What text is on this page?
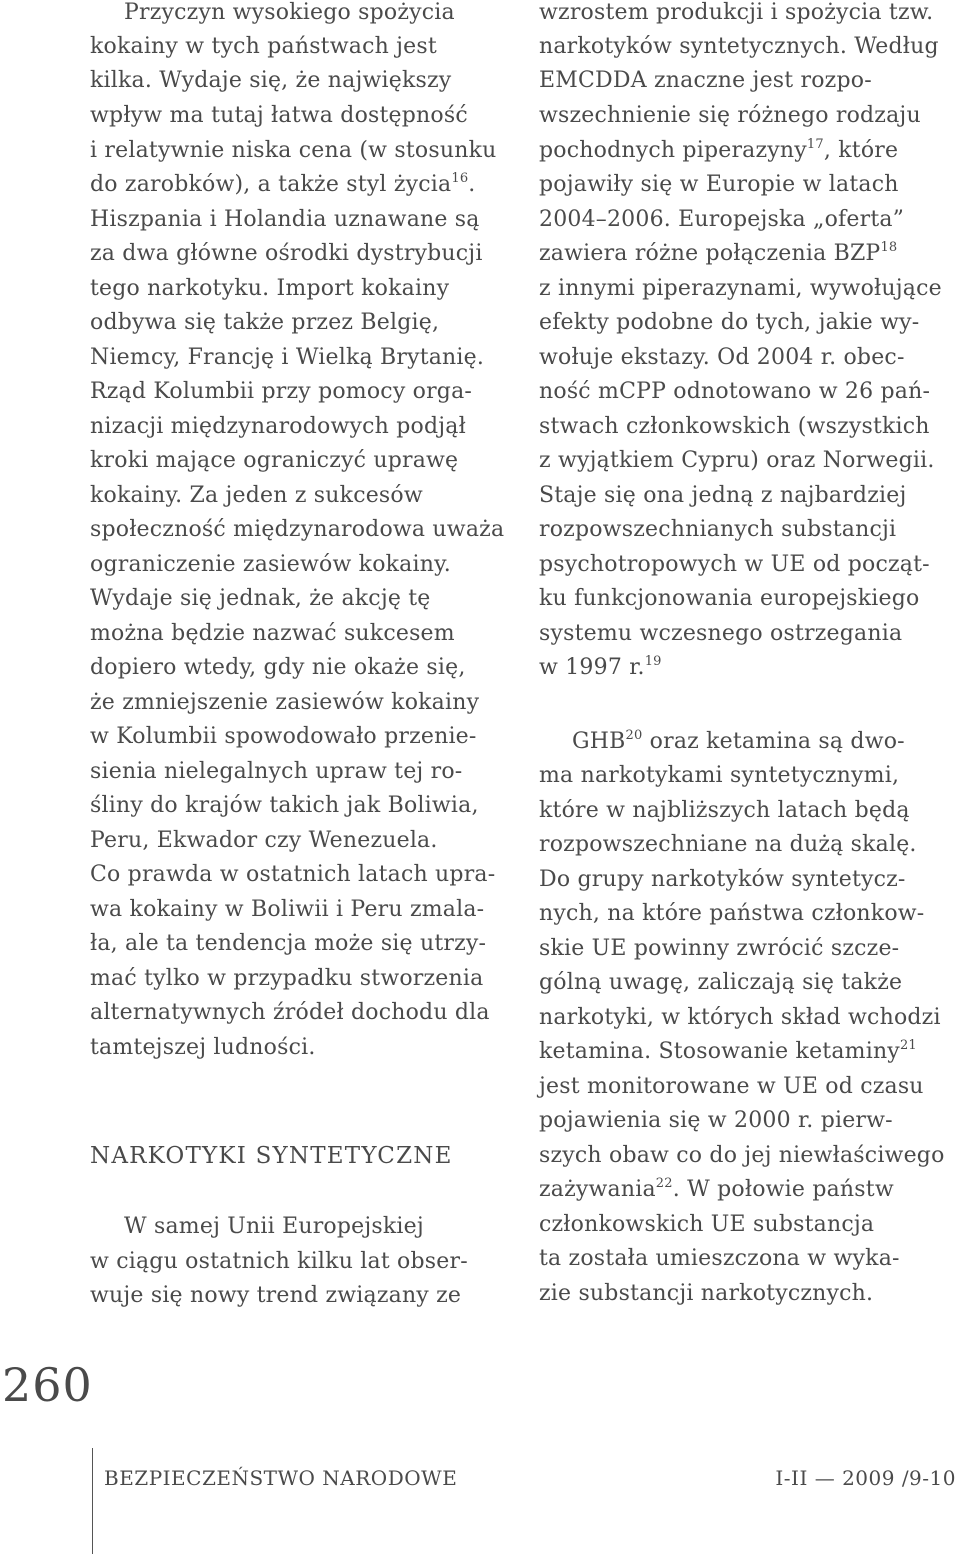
Przyczyn wysokiego spożycia
kokainy w tych państwach jest
kilka. Wydaje się, że największy
wpływ ma tutaj łatwa dostępność
i relatywnie niska cena (w stosunku
do zarobków), a także styl życia$^{16}$.
Hiszpania i Holandia uznawane są
za dwa główne ośrodki dystrybucji
tego narkotyku. Import kokainy
odbywa się także przez Belgię,
Niemcy, Francję i Wielką Brytanię.
Rząd Kolumbii przy pomocy orga-
nizacji międzynarodowych podjął
kroki mające ograniczyć uprawę
kokainy. Za jeden z sukcesów
społeczność międzynarodowa uważa
ograniczenie zasiewów kokainy.
Wydaje się jednak, że akcję tę
można będzie nazwać sukcesem
dopiero wtedy, gdy nie okaże się,
że zmniejszenie zasiewów kokainy
w Kolumbii spowodowało przenie-
sienia nielegalnych upraw tej ro-
śliny do krajów takich jak Boliwia,
Peru, Ekwador czy Wenezuela.
Co prawda w ostatnich latach upra-
wa kokainy w Boliwii i Peru zmala-
ła, ale ta tendencja może się utrzy-
mać tylko w przypadku stworzenia
alternatywnych źródeł dochodu dla
tamtejszej ludności.
NARKOTYKI SYNTETYCZNE
W samej Unii Europejskiej
w ciągu ostatnich kilku lat obser-
wuje się nowy trend związany ze
wzrostem produkcji i spożycia tzw.
narkotyków syntetycznych. Według
EMCDDA znaczne jest rozpo-
wszechnienie się różnego rodzaju
pochodnych piperazyny$^{17}$, które
pojawiły się w Europie w latach
2004–2006. Europejska „oferta”
zawiera różne połączenia BZP$^{18}$
z innymi piperazynami, wywołujące
efekty podobne do tych, jakie wy-
wołuje ekstazy. Od 2004 r. obec-
ność mCPP odnotowano w 26 pań-
stwach członkowskich (wszystkich
z wyjątkiem Cypru) oraz Norwegii.
Staje się ona jedną z najbardziej
rozpowszechnianych substancji
psychotropowych w UE od począt-
ku funkcjonowania europejskiego
systemu wczesnego ostrzegania
w 1997 r.$^{19}$
GHB$^{20}$ oraz ketamina są dwo-
ma narkotykami syntetycznymi,
które w najbliższych latach będą
rozpowszechniane na dużą skalę.
Do grupy narkotyków syntetycz-
nych, na które państwa członkow-
skie UE powinny zwrócić szcze-
gólną uwagę, zaliczają się także
narkotyki, w których skład wchodzi
ketamina. Stosowanie ketaminy$^{21}$
jest monitorowane w UE od czasu
pojawienia się w 2000 r. pierw-
szych obaw co do jej niewłaściwego
zażywania$^{22}$. W połowie państw
członkowskich UE substancja
ta została umieszczona w wyka-
zie substancji narkotycznych.
260
BEZPIECZEŃSTWO NARODOWE	I-II — 2009 /9-10
